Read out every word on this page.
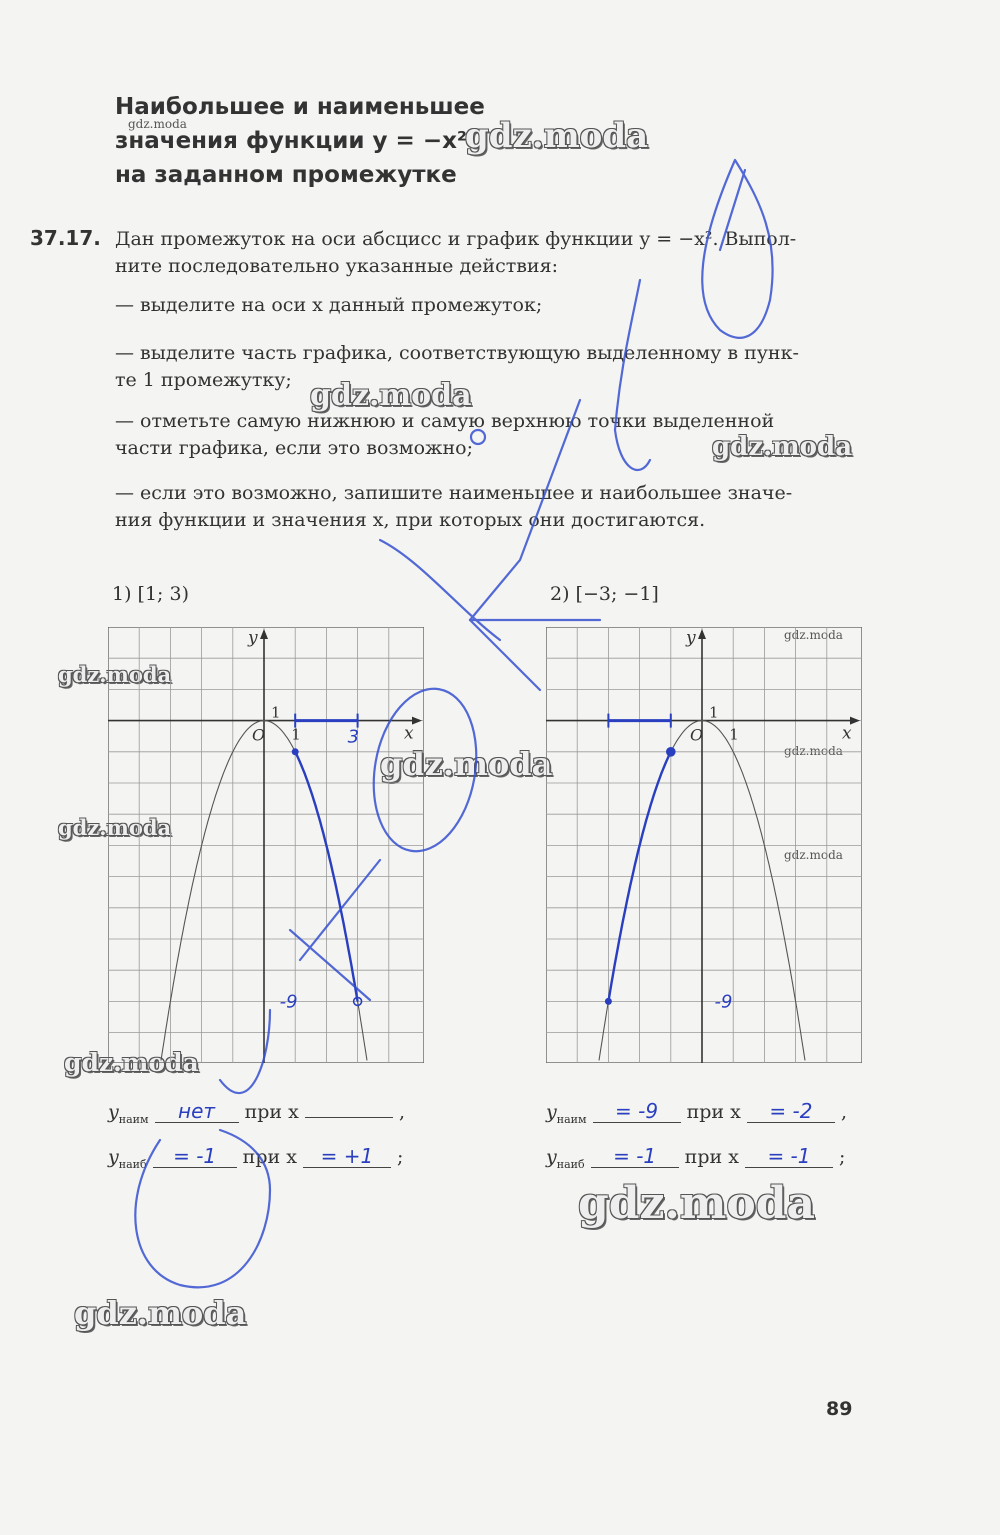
Наибольшее и наименьшее
значения функции y = −x²
на заданном промежутке
gdz.moda	gdz.moda
gdz.moda
gdz.moda
gdz.moda
gdz.moda
gdz.moda
gdz.moda
gdz.moda
gdz.moda
gdz.moda
gdz.moda
gdz.moda
37.17. Дан промежуток на оси абсцисс и график функции y = −x². Выпол-
ните последовательно указанные действия:
— выделите на оси x данный промежуток;
— выделите часть графика, соответствующую выделенному в пунк-
те 1 промежутку;
— отметьте самую нижнюю и самую верхнюю точки выделенной
части графика, если это возможно;
— если это возможно, запишите наименьшее и наибольшее значе-
ния функции и значения x, при которых они достигаются.
1) [1; 3)	2) [−3; −1]
O 1
1
y
x
3
-9
O 1
1
y
x
-9
$y_{наим}$ нет при x	,
$y_{наиб} = -1$ при x = +1 ;
$y_{наим} = -9$ при x = -2 ,
$y_{наиб} = -1$ при x = -1 ;
89
